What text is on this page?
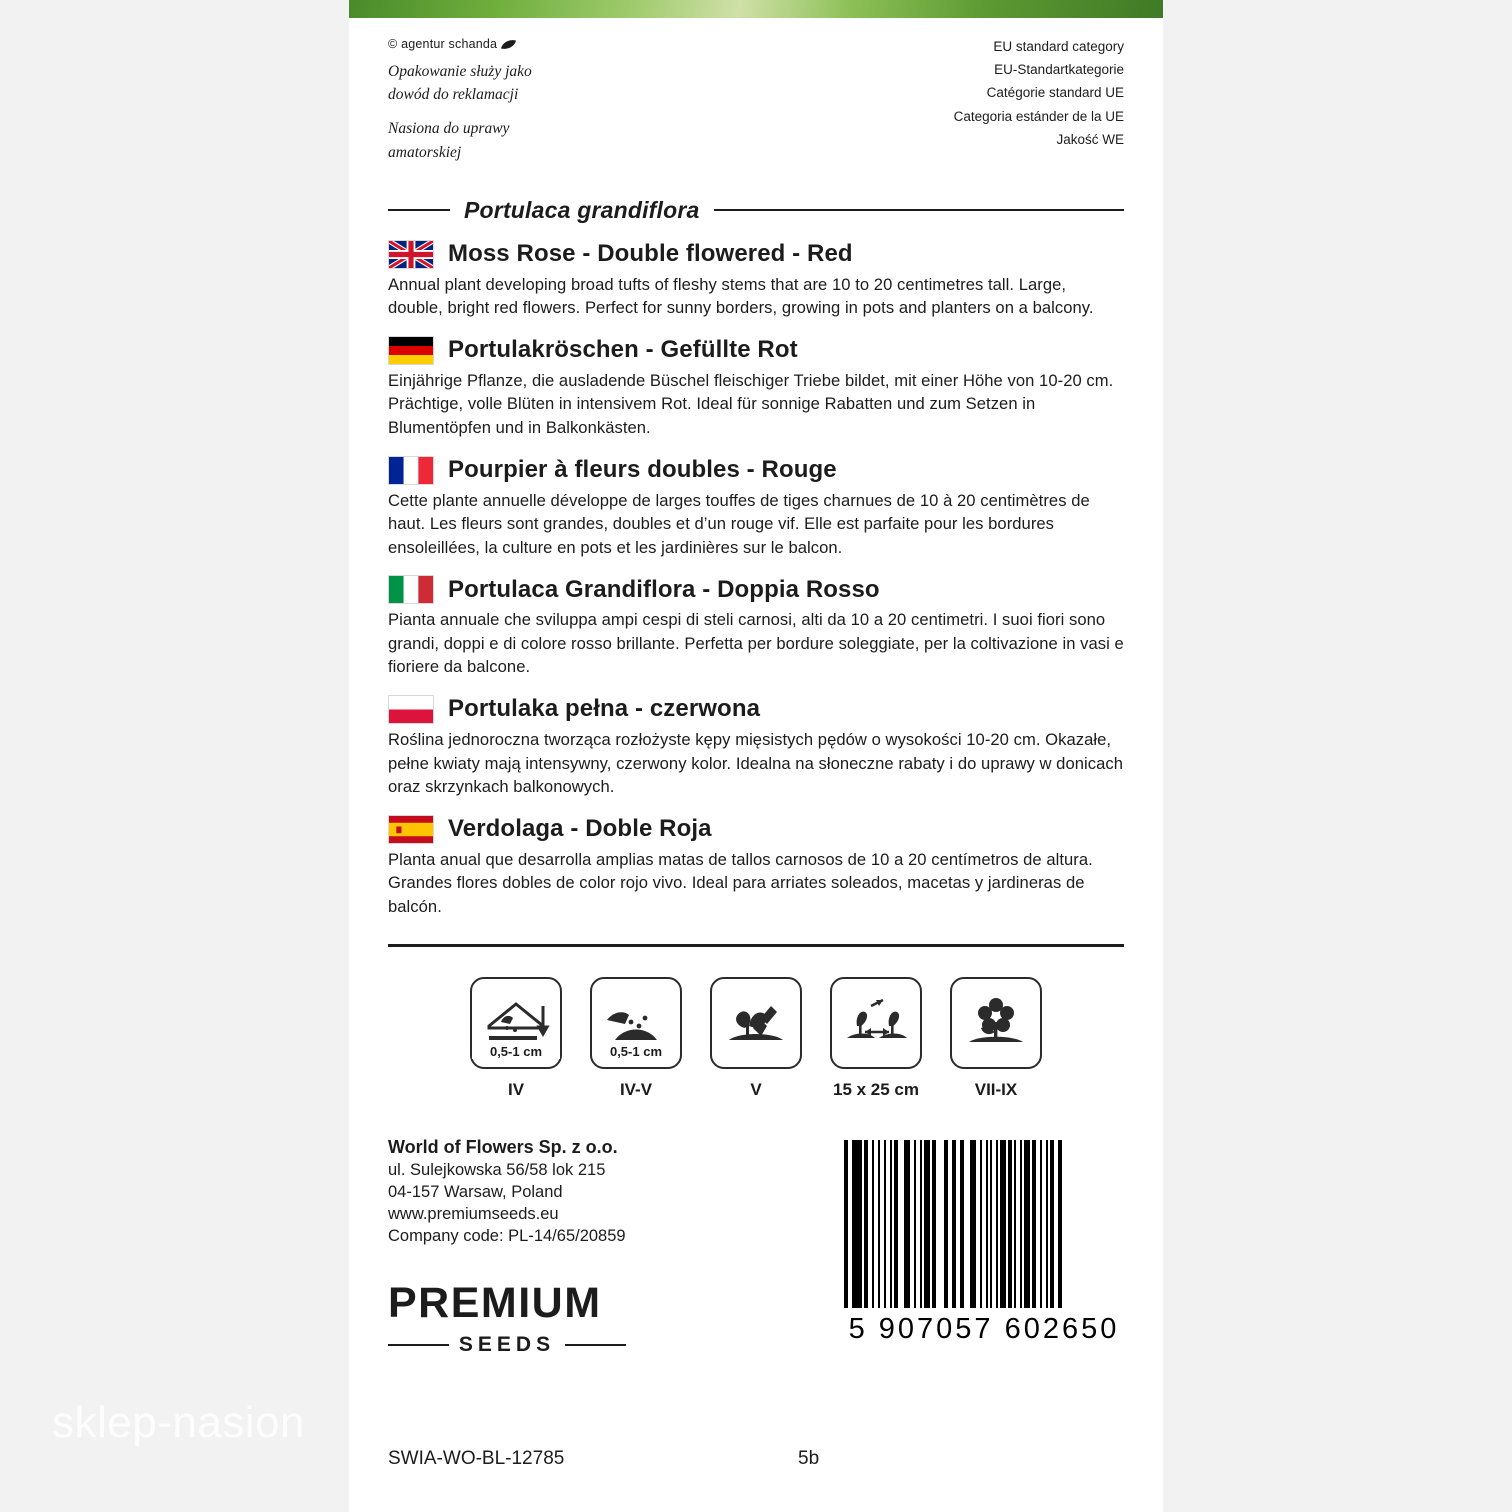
sklep-nasion
© agentur schanda
Opakowanie służy jako
dowód do reklamacji
Nasiona do uprawy
amatorskiej
EU standard category
EU-Standartkategorie
Catégorie standard UE
Categoria estánder de la UE
Jakość WE
Portulaca grandiflora
Moss Rose - Double flowered - Red
Annual plant developing broad tufts of fleshy stems that are 10 to 20 centimetres tall. Large, double, bright red flowers. Perfect for sunny borders, growing in pots and planters on a balcony.
Portulakröschen - Gefüllte Rot
Einjährige Pflanze, die ausladende Büschel fleischiger Triebe bildet, mit einer Höhe von 10-20 cm. Prächtige, volle Blüten in intensivem Rot. Ideal für sonnige Rabatten und zum Setzen in Blumentöpfen und in Balkonkästen.
Pourpier à fleurs doubles - Rouge
Cette plante annuelle développe de larges touffes de tiges charnues de 10 à 20 centimètres de haut. Les fleurs sont grandes, doubles et d’un rouge vif. Elle est parfaite pour les bordures ensoleillées, la culture en pots et les jardinières sur le balcon.
Portulaca Grandiflora - Doppia Rosso
Pianta annuale che sviluppa ampi cespi di steli carnosi, alti da 10 a 20 centimetri. I suoi fiori sono grandi, doppi e di colore rosso brillante. Perfetta per bordure soleggiate, per la coltivazione in vasi e fioriere da balcone.
Portulaka pełna - czerwona
Roślina jednoroczna tworząca rozłożyste kępy mięsistych pędów o wysokości 10-20 cm. Okazałe, pełne kwiaty mają intensywny, czerwony kolor. Idealna na słoneczne rabaty i do uprawy w donicach oraz skrzynkach balkonowych.
Verdolaga - Doble Roja
Planta anual que desarrolla amplias matas de tallos carnosos de 10 a 20 centímetros de altura. Grandes flores dobles de color rojo vivo. Ideal para arriates soleados, macetas y jardineras de balcón.
0,5-1 cm
IV
0,5-1 cm
IV-V	V	15 x 25 cm	VII-IX
World of Flowers Sp. z o.o.
ul. Sulejkowska 56/58 lok 215
04-157 Warsaw, Poland
www.premiumseeds.eu
Company code: PL-14/65/20859
PREMIUM
SEEDS	5 907057 602650
SWIA-WO-BL-12785	5b
